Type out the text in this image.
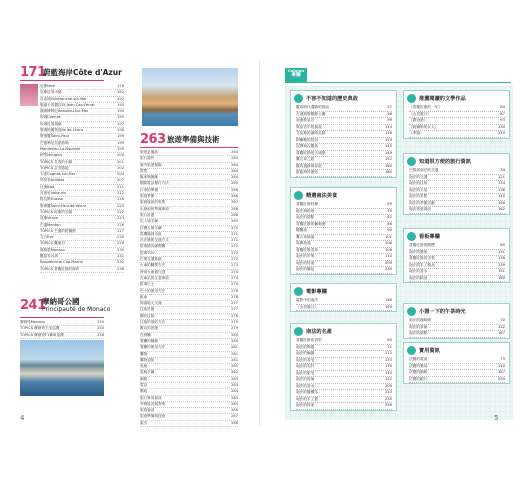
171
蔚藍海岸Côte d'Azur
尼斯Nice	178
尼斯近郊小鎮	182
自由城Villefranche-sur-Mer	192
聖讓卡普費拉St-Jean-Cap-Ferrat	193
濱海博利厄Beaulieu-sur-Mer	194
坎城Cannes	195
坎城近郊城鎮	197
聖瑪格麗特島Île de Lérins	198
聖保羅Saint-Paul	199
芒德利厄拉納普勒	199
Mandelieu-La-Napoule	199
穆然Mougins	200
TOPICS 芳香的小鎮	201
TOPICS 芬芳勝地	202
卡涅Cagnes-sur-Mer	204
昂蒂布Antibes	207
比奧Biot	211
瓦洛里Vallauris	212
格拉斯Grasse	216
聖保羅Saint-Paul-de-Vence	220
TOPICS 旺斯的石頭	222
旺斯Vence	223
芒通Menton	226
TOPICS 芒通的柑橘節	227
艾日Èze	228
TOPICS 鷹巢村	229
瑪格蒙Monaco	230
羅屈布呂訥	231
Roquebrune-Cap-Martin	232
TOPICS 普羅旺斯的海岸	236
241
摩納哥公國
Principauté de Monaco
摩納哥Monaco	250
TOPICS 摩納哥王室巡禮	255
TOPICS 摩納哥F1賽車巡禮	258
263 旅遊準備與技術
旅遊必備品	264
旅行證件	264
海外旅遊保險	264
貨幣	264
匯率與換匯	264
國際電話撥打方法	265
行李的準備	266
旅遊季節	266
旅遊資訊的收集	267
出發前的準備事項	268
旅行計畫	268
出入境手續	269
法國入境手續	270
從機場到市區	271
在法國的交通方式	271
搭乘國內線飛機	272
搭乘TGV	272
巴黎交通系統	272
火車的購票方法	273
使用火車通行證	274
在車站的注意事項	274
搭乘巴士	275
巴士的使用方法	276
租車	276
和當地人交流	277
住宿設施	277
關於住宿	278
住宿的預約方法	279
飯店的設施	279
在餐廳	280
餐廳的種類	280
餐廳的使用方法	281
購物	281
購物須知	281
免稅	281
退稅手續	282
網路	283
電話	283
郵政	284
旅行實用資訊	284
突發狀況與對策	285
旅遊會話	286
旅遊準備與技術	287
索引	288
4
Column
專欄
不容不知道的歷史典故
羅馬時代遺跡的探訪	57
古城與聖殿騎士團	98
前進教皇宮	99
教皇宮中的典故	114
艾克斯的塞尚足跡	126
阿爾勒的梵谷	129
尼姆與古羅馬	145
普羅旺斯的古城堡	149
薰衣草之路	152
羅馬遺跡保存區	160
蔚藍海岸歷史	180
推薦閱讀的文學作品
《普羅旺斯的一年》	84
《山居歲月》	87
《喬治桑》	93
《阿爾勒的女人》	130
《季節》	219
精選南法美食
普羅旺斯料理	59
地中海料理	79
南法的甜點	82
普羅旺斯的葡萄酒	86
橄欖油	90
薰衣草蜂蜜	101
馬賽魚湯	106
普羅旺斯香草	108
南法的市集	110
南法的特產	209
南法的麵包	235
知道很方便的旅行資訊
巴黎到南法的交通	34
南法的交通	121
南法的住宿	134
南法的天氣	136
南法的景點	145
南法的季節活動	160
南法旅遊資訊	162
電影專欄
電影中的南法	146
《山居歲月》	165
看板專欄
普羅旺斯的路標	80
南法的藝術	131
普羅旺斯的市集	136
南法的手工藝品	139
南法的香水	151
南法的精油	180
小憩一下的午茶時光
南法的咖啡館	70
南法的茶館	112
南法的甜點	187
南法的名產
普羅旺斯的香料	60
南法的陶器	71
南法的編織	112
南法的香皂	133
南法的布料	139
南法的肥皂	140
南法的玻璃	152
南法的香水	209
南法的橄欖木	213
南法的手工藝	235
南法的特產	256
實用資訊
法國的電話	73
法國的郵局	140
法國的網路	187
法國的銀行	259
5
